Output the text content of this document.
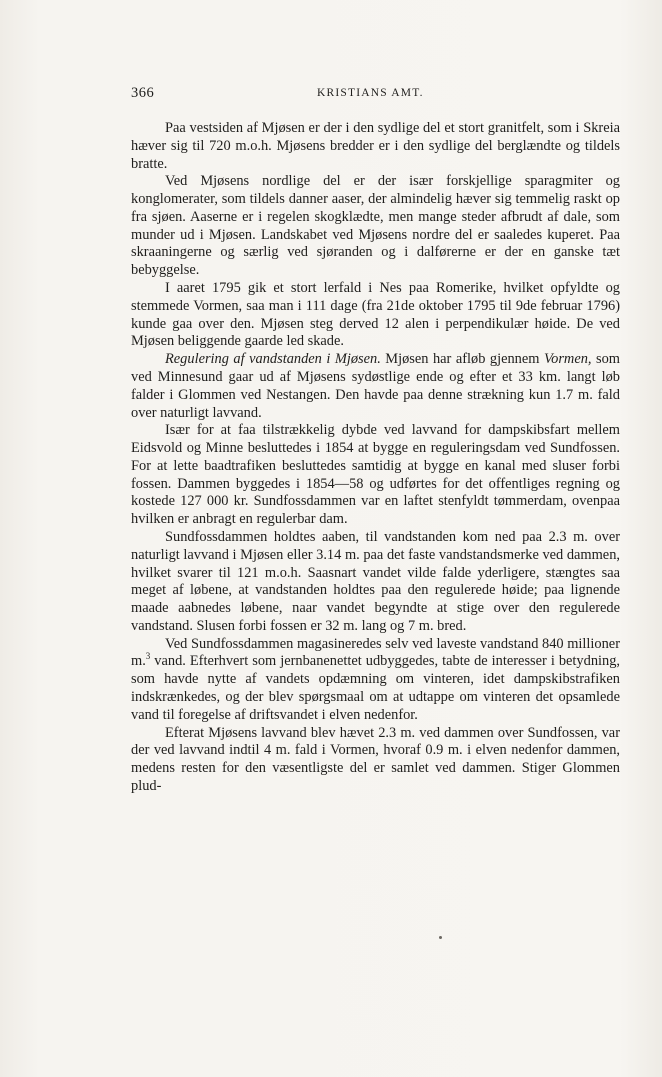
366	KRISTIANS AMT.

Paa vestsiden af Mjøsen er der i den sydlige del et stort granitfelt, som i Skreia hæver sig til 720 m.o.h. Mjøsens bredder er i den sydlige del berglændte og tildels bratte.

Ved Mjøsens nordlige del er der især forskjellige sparagmiter og konglomerater, som tildels danner aaser, der almindelig hæver sig temmelig raskt op fra sjøen. Aaserne er i regelen skogklædte, men mange steder afbrudt af dale, som munder ud i Mjøsen. Landskabet ved Mjøsens nordre del er saaledes kuperet. Paa skraaningerne og særlig ved sjøranden og i dalførerne er der en ganske tæt bebyggelse.

I aaret 1795 gik et stort lerfald i Nes paa Romerike, hvilket opfyldte og stemmede Vormen, saa man i 111 dage (fra 21de oktober 1795 til 9de februar 1796) kunde gaa over den. Mjøsen steg derved 12 alen i perpendikulær høide. De ved Mjøsen beliggende gaarde led skade.

Regulering af vandstanden i Mjøsen. Mjøsen har afløb gjennem Vormen, som ved Minnesund gaar ud af Mjøsens sydøstlige ende og efter et 33 km. langt løb falder i Glommen ved Nestangen. Den havde paa denne strækning kun 1.7 m. fald over naturligt lavvand.

Især for at faa tilstrækkelig dybde ved lavvand for dampskibsfart mellem Eidsvold og Minne besluttedes i 1854 at bygge en reguleringsdam ved Sundfossen. For at lette baadtrafiken besluttedes samtidig at bygge en kanal med sluser forbi fossen. Dammen byggedes i 1854—58 og udførtes for det offentliges regning og kostede 127 000 kr. Sundfossdammen var en laftet stenfyldt tømmerdam, ovenpaa hvilken er anbragt en regulerbar dam.

Sundfossdammen holdtes aaben, til vandstanden kom ned paa 2.3 m. over naturligt lavvand i Mjøsen eller 3.14 m. paa det faste vandstandsmerke ved dammen, hvilket svarer til 121 m.o.h. Saasnart vandet vilde falde yderligere, stængtes saa meget af løbene, at vandstanden holdtes paa den regulerede høide; paa lignende maade aabnedes løbene, naar vandet begyndte at stige over den regulerede vandstand. Slusen forbi fossen er 32 m. lang og 7 m. bred.

Ved Sundfossdammen magasineredes selv ved laveste vandstand 840 millioner m.$^3$ vand. Efterhvert som jernbanenettet udbyggedes, tabte de interesser i betydning, som havde nytte af vandets opdæmning om vinteren, idet dampskibstrafiken indskrænkedes, og der blev spørgsmaal om at udtappe om vinteren det opsamlede vand til foregelse af driftsvandet i elven nedenfor.

Efterat Mjøsens lavvand blev hævet 2.3 m. ved dammen over Sundfossen, var der ved lavvand indtil 4 m. fald i Vormen, hvoraf 0.9 m. i elven nedenfor dammen, medens resten for den væsentligste del er samlet ved dammen. Stiger Glommen plud-
